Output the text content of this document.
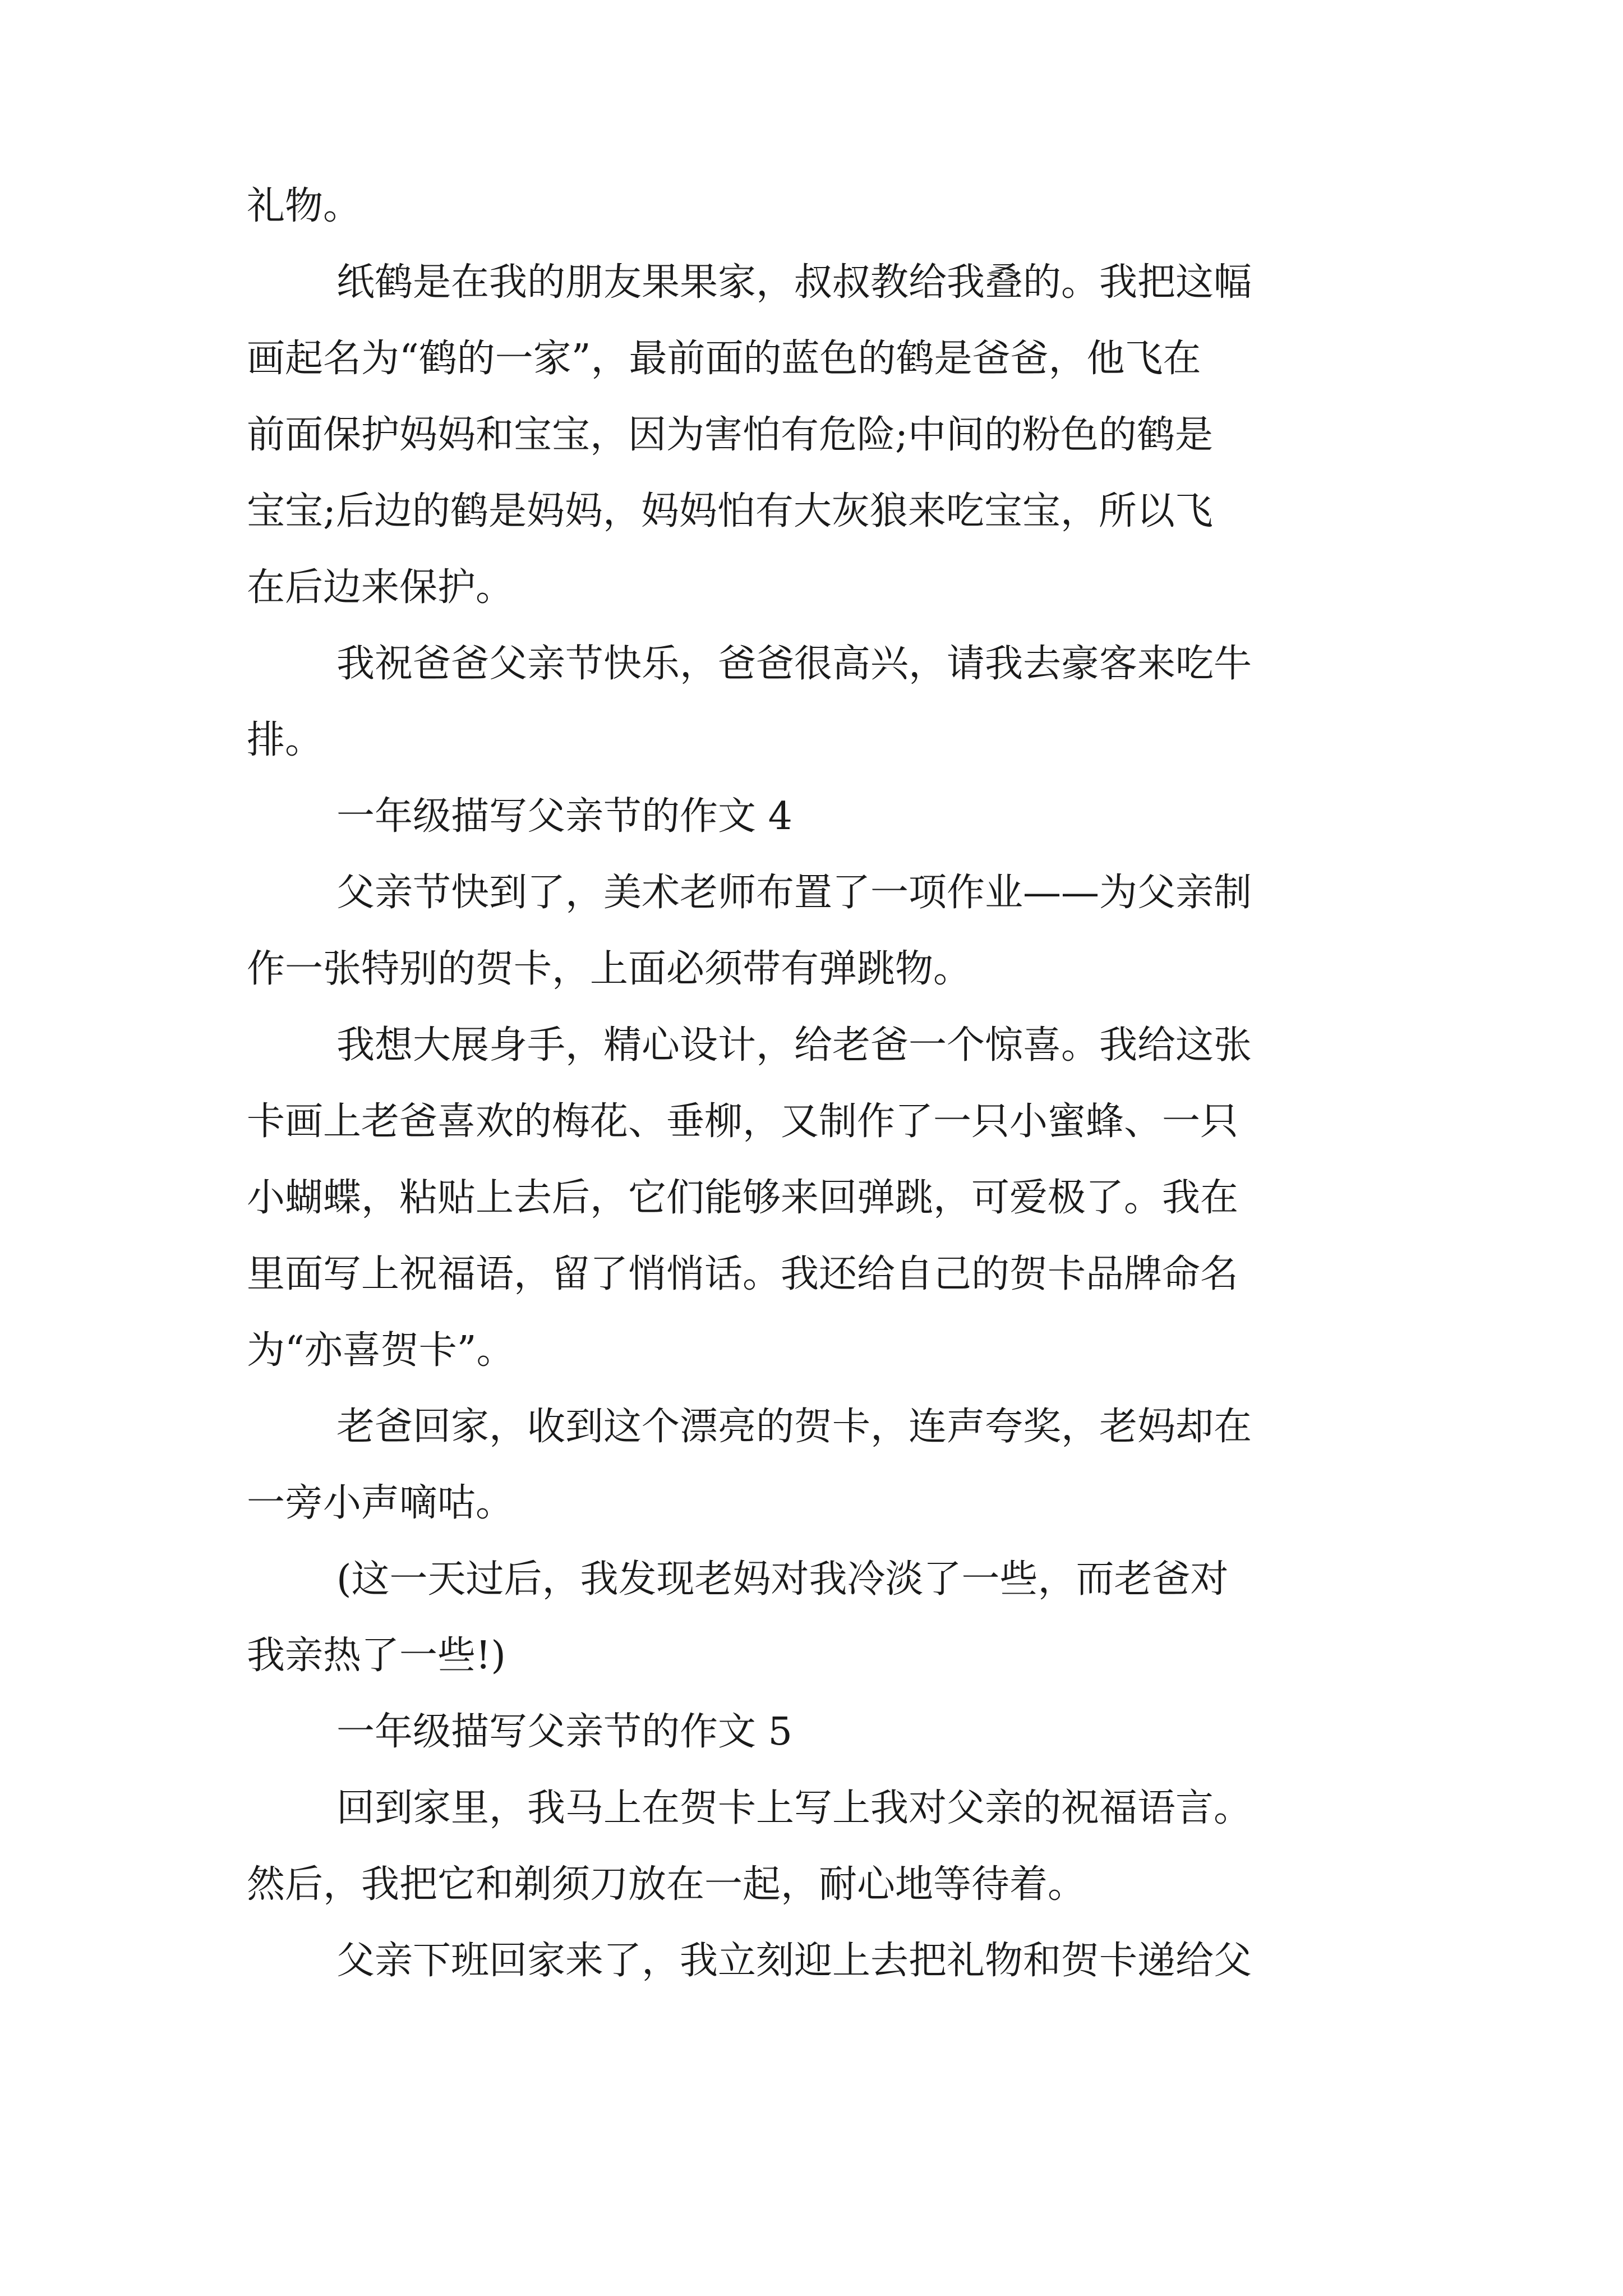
礼物。
纸鹤是在我的朋友果果家，叔叔教给我叠的。我把这幅
画起名为“鹤的一家”，最前面的蓝色的鹤是爸爸，他飞在
前面保护妈妈和宝宝，因为害怕有危险;中间的粉色的鹤是
宝宝;后边的鹤是妈妈，妈妈怕有大灰狼来吃宝宝，所以飞
在后边来保护。
我祝爸爸父亲节快乐，爸爸很高兴，请我去豪客来吃牛
排。
一年级描写父亲节的作文 4
父亲节快到了，美术老师布置了一项作业——为父亲制
作一张特别的贺卡，上面必须带有弹跳物。
我想大展身手，精心设计，给老爸一个惊喜。我给这张
卡画上老爸喜欢的梅花、垂柳，又制作了一只小蜜蜂、一只
小蝴蝶，粘贴上去后，它们能够来回弹跳，可爱极了。我在
里面写上祝福语，留了悄悄话。我还给自己的贺卡品牌命名
为“亦喜贺卡”。
老爸回家，收到这个漂亮的贺卡，连声夸奖，老妈却在
一旁小声嘀咕。
(这一天过后，我发现老妈对我冷淡了一些，而老爸对
我亲热了一些!)
一年级描写父亲节的作文 5
回到家里，我马上在贺卡上写上我对父亲的祝福语言。
然后，我把它和剃须刀放在一起，耐心地等待着。
父亲下班回家来了，我立刻迎上去把礼物和贺卡递给父
